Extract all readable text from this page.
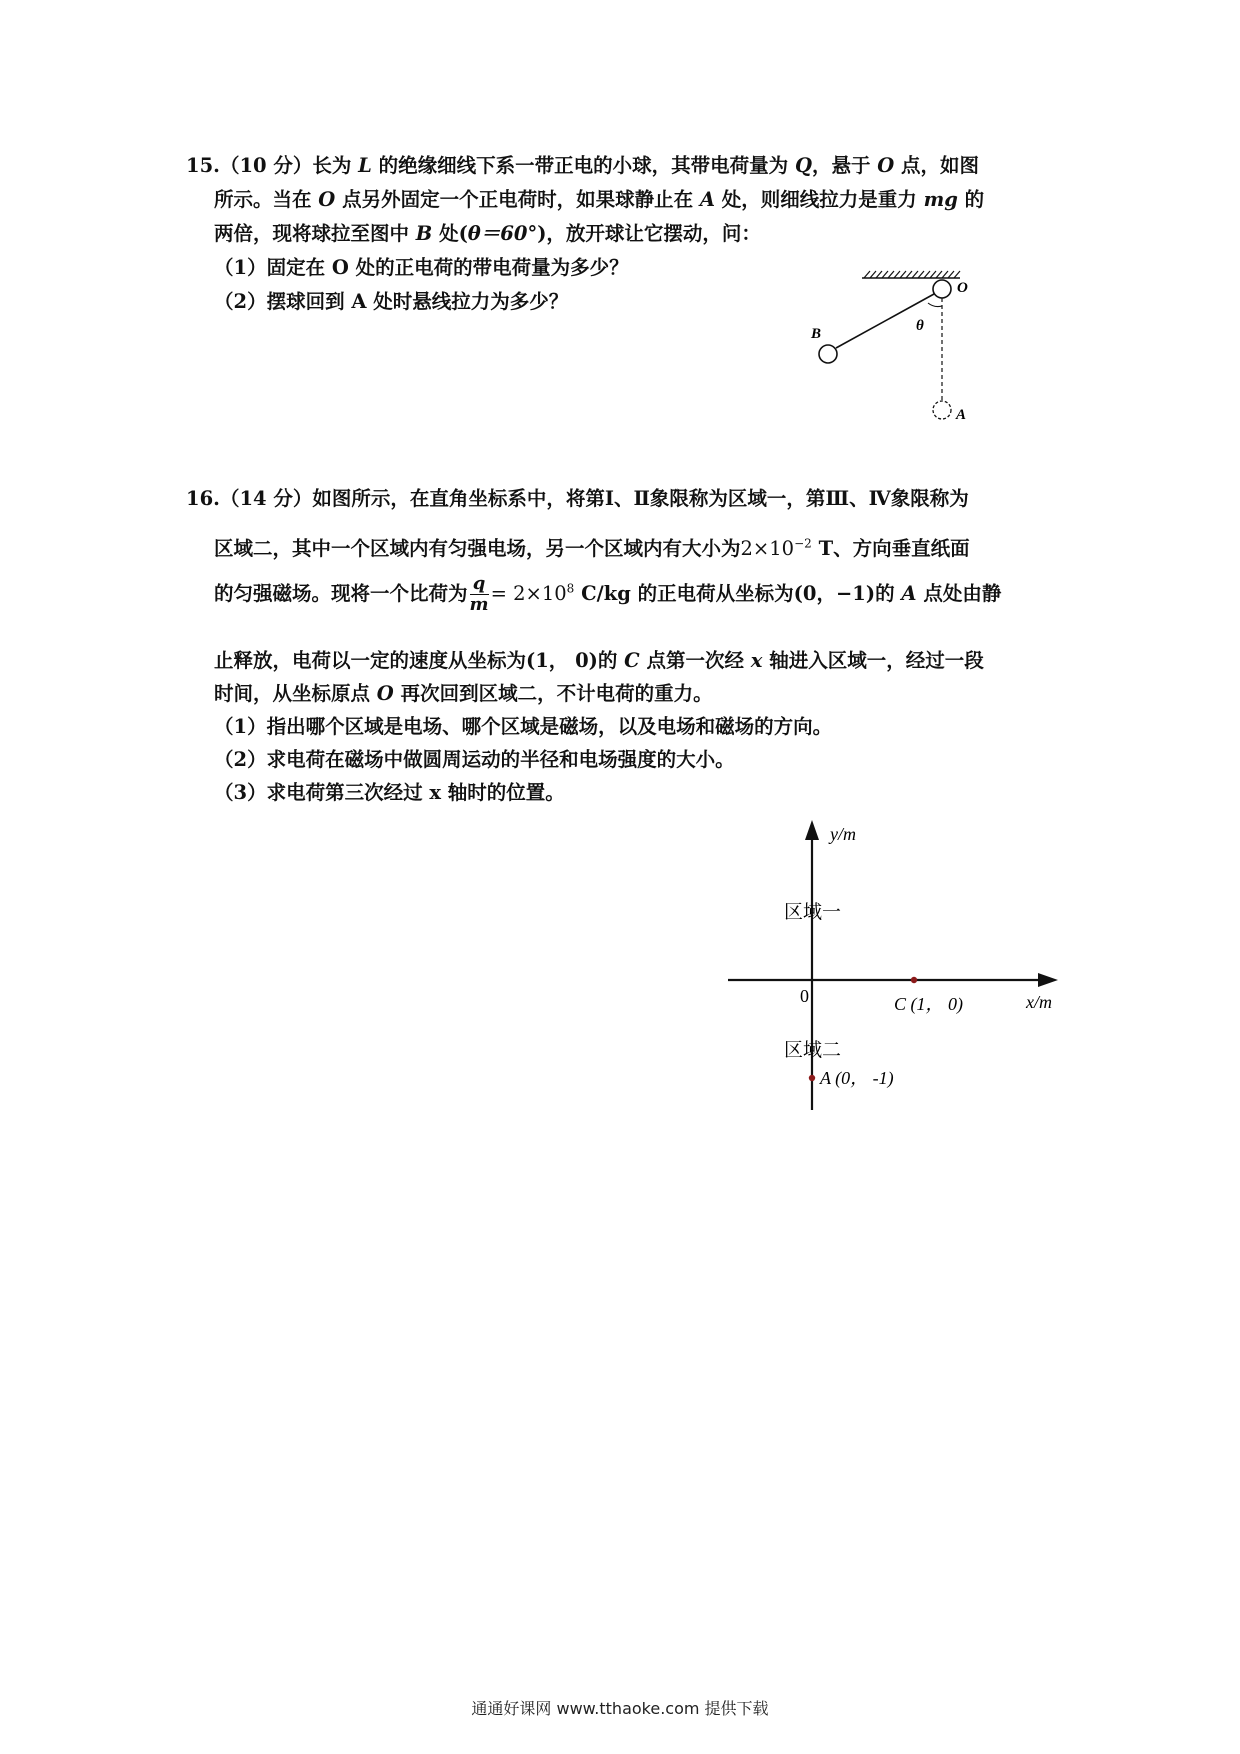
15.（10 分）长为 L 的绝缘细线下系一带正电的小球，其带电荷量为 Q，悬于 O 点，如图
所示。当在 O 点另外固定一个正电荷时，如果球静止在 A 处，则细线拉力是重力 mg 的
两倍，现将球拉至图中 B 处(θ＝60°)，放开球让它摆动，问：
（1）固定在 O 处的正电荷的带电荷量为多少？
（2）摆球回到 A 处时悬线拉力为多少？
O
B	θ
A
16.（14 分）如图所示，在直角坐标系中，将第Ⅰ、Ⅱ象限称为区域一，第Ⅲ、Ⅳ象限称为
区域二，其中一个区域内有匀强电场，另一个区域内有大小为$2\times 10^{-2}$ T、方向垂直纸面
的匀强磁场。现将一个比荷为 $\frac{q}{m} = 2\times 10^8$ C/kg 的正电荷从坐标为(0，−1)的 A 点处由静
止释放，电荷以一定的速度从坐标为(1， 0)的 C 点第一次经 x 轴进入区域一，经过一段
时间，从坐标原点 O 再次回到区域二，不计电荷的重力。
（1）指出哪个区域是电场、哪个区域是磁场，以及电场和磁场的方向。
（2）求电荷在磁场中做圆周运动的半径和电场强度的大小。
（3）求电荷第三次经过 x 轴时的位置。
y/m
x/m
0
区域一
区域二
C (1， 0)
A (0， -1)
通通好课网 www.tthaoke.com 提供下载
